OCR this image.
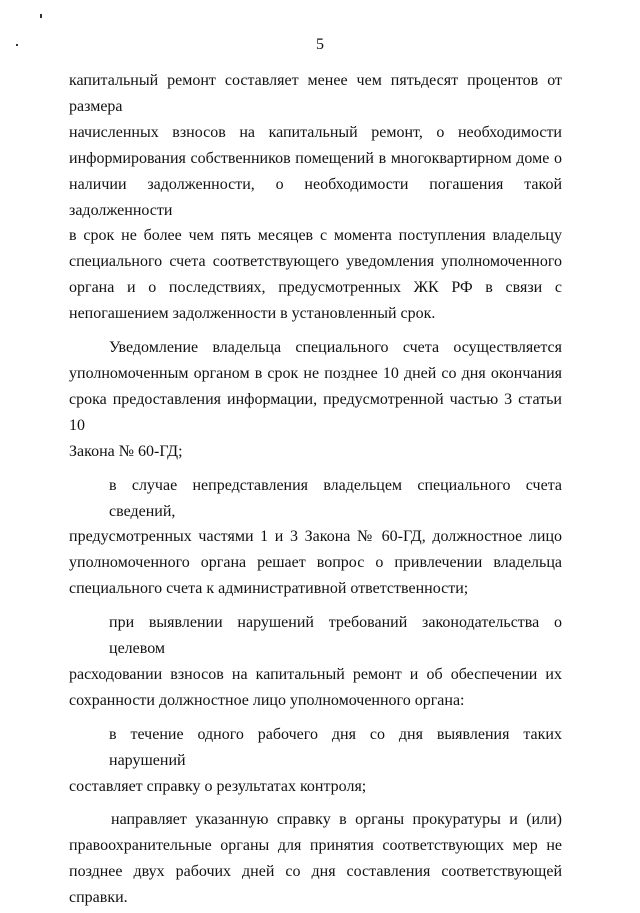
5
капитальный ремонт составляет менее чем пятьдесят процентов от размера
начисленных взносов на капитальный ремонт, о необходимости
информирования собственников помещений в многоквартирном доме о
наличии задолженности, о необходимости погашения такой задолженности
в срок не более чем пять месяцев с момента поступления владельцу
специального счета соответствующего уведомления уполномоченного
органа и о последствиях, предусмотренных ЖК РФ в связи с
непогашением задолженности в установленный срок.
Уведомление владельца специального счета осуществляется
уполномоченным органом в срок не позднее 10 дней со дня окончания
срока предоставления информации, предусмотренной частью 3 статьи 10
Закона № 60-ГД;
в случае непредставления владельцем специального счета сведений,
предусмотренных частями 1 и 3 Закона № 60-ГД, должностное лицо
уполномоченного органа решает вопрос о привлечении владельца
специального счета к административной ответственности;
при выявлении нарушений требований законодательства о целевом
расходовании взносов на капитальный ремонт и об обеспечении их
сохранности должностное лицо уполномоченного органа:
в течение одного рабочего дня со дня выявления таких нарушений
составляет справку о результатах контроля;
направляет указанную справку в органы прокуратуры и (или)
правоохранительные органы для принятия соответствующих мер не
позднее двух рабочих дней со дня составления соответствующей справки.
